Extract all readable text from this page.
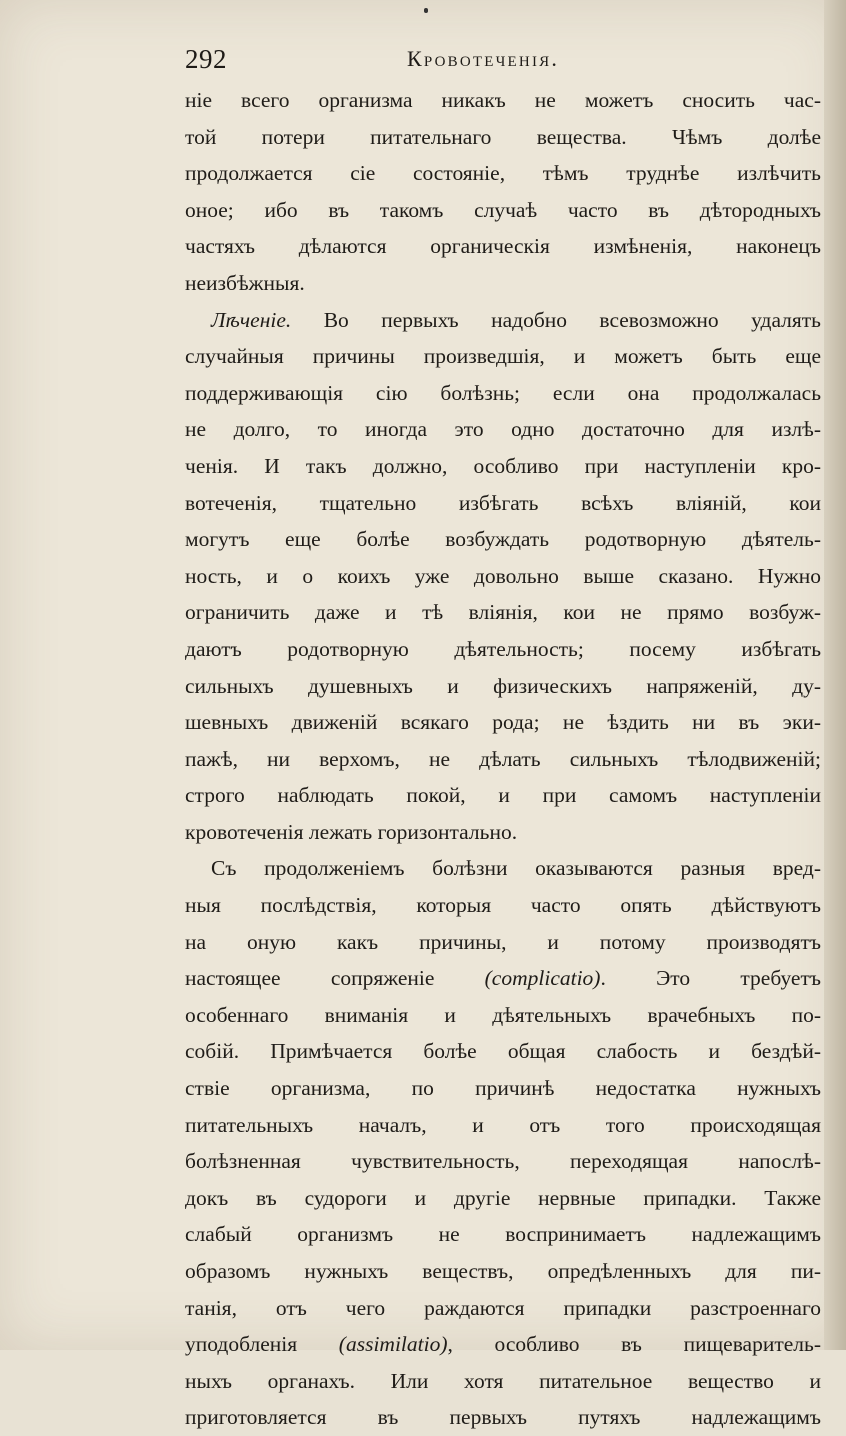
292	Кровотеченія.
ніе всего организма никакъ не можетъ сносить час-
той потери питательнаго вещества. Чѣмъ долѣе
продолжается сіе состояніе, тѣмъ труднѣе излѣчить
оное; ибо въ такомъ случаѣ часто въ дѣтородныхъ
частяхъ дѣлаются органическія измѣненія, наконецъ
неизбѣжныя.
Лѣченіе. Во первыхъ надобно всевозможно удалять
случайныя причины произведшія, и можетъ быть еще
поддерживающія сію болѣзнь; если она продолжалась
не долго, то иногда это одно достаточно для излѣ-
ченія. И такъ должно, особливо при наступленіи кро-
вотеченія, тщательно избѣгать всѣхъ вліяній, кои
могутъ еще болѣе возбуждать родотворную дѣятель-
ность, и о коихъ уже довольно выше сказано. Нужно
ограничить даже и тѣ вліянія, кои не прямо возбуж-
даютъ родотворную дѣятельность; посему избѣгать
сильныхъ душевныхъ и физическихъ напряженій, ду-
шевныхъ движеній всякаго рода; не ѣздить ни въ эки-
пажѣ, ни верхомъ, не дѣлать сильныхъ тѣлодвиженій;
строго наблюдать покой, и при самомъ наступленіи
кровотеченія лежать горизонтально.
Съ продолженіемъ болѣзни оказываются разныя вред-
ныя послѣдствія, которыя часто опять дѣйствуютъ
на оную какъ причины, и потому производятъ
настоящее сопряженіе (complicatio). Это требуетъ
особеннаго вниманія и дѣятельныхъ врачебныхъ по-
собій. Примѣчается болѣе общая слабость и бездѣй-
ствіе организма, по причинѣ недостатка нужныхъ
питательныхъ началъ, и отъ того происходящая
болѣзненная чувствительность, переходящая напослѣ-
докъ въ судороги и другіе нервные припадки. Также
слабый организмъ не воспринимаетъ надлежащимъ
образомъ нужныхъ веществъ, опредѣленныхъ для пи-
танія, отъ чего раждаются припадки разстроеннаго
уподобленія (assimilatio), особливо въ пищеваритель-
ныхъ органахъ. Или хотя питательное вещество и
приготовляется въ первыхъ путяхъ надлежащимъ
